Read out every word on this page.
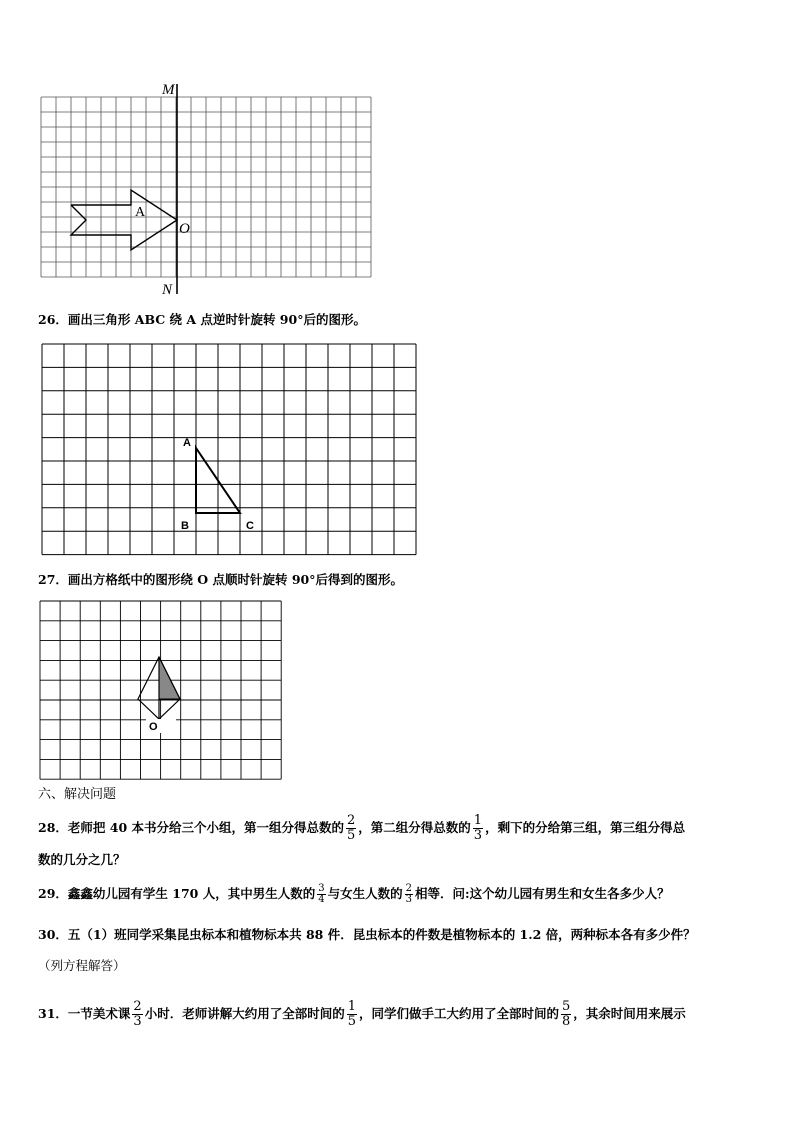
M
N
O
A
26．画出三角形 ABC 绕 A 点逆时针旋转 90°后的图形。
A
B	C
27．画出方格纸中的图形绕 O 点顺时针旋转 90°后得到的图形。
O
六、解决问题
28．老师把 40 本书分给三个小组，第一组分得总数的 $\frac{2}{5}$ ，第二组分得总数的 $\frac{1}{3}$ ，剩下的分给第三组，第三组分得总
数的几分之几？
29．鑫鑫幼儿园有学生 170 人，其中男生人数的 $\frac{3}{4}$ 与女生人数的 $\frac{2}{3}$ 相等．问:这个幼儿园有男生和女生各多少人？
30．五（1）班同学采集昆虫标本和植物标本共 88 件．昆虫标本的件数是植物标本的 1.2 倍，两种标本各有多少件？
（列方程解答）
31．一节美术课 $\frac{2}{3}$ 小时．老师讲解大约用了全部时间的 $\frac{1}{5}$ ，同学们做手工大约用了全部时间的 $\frac{5}{8}$ ，其余时间用来展示
